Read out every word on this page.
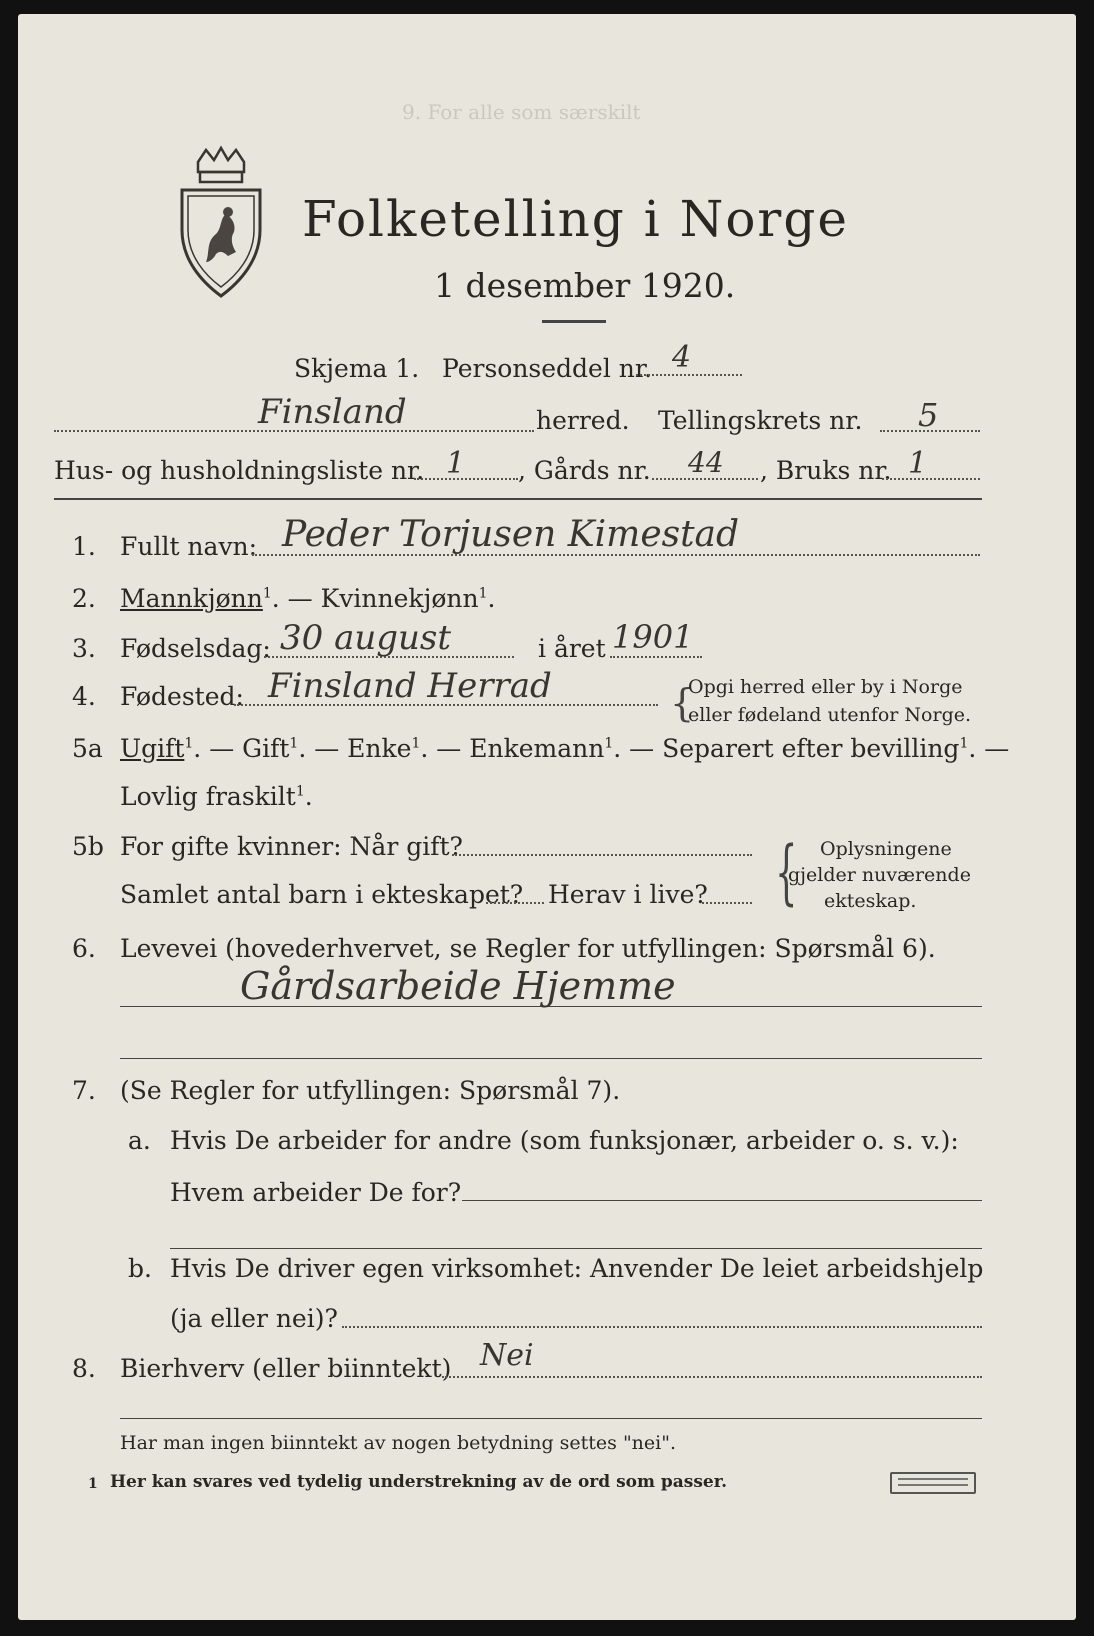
Folketelling i Norge
1 desember 1920.
9. For alle som særskilt
Skjema 1. Personseddel nr. 4
Finsland	herred. Tellingskrets nr. 5
Hus- og husholdningsliste nr. 1 , Gårds nr. 44 , Bruks nr. 1
1. Fullt navn: Peder Torjusen Kimestad
2. Mannkjønn$^1$. — Kvinnekjønn$^1$.
3. Fødselsdag: 30 august	i året 1901
4. Fødested: Finsland Herrad	{
Opgi herred eller by i Norge
eller fødeland utenfor Norge.
5a Ugift$^1$. — Gift$^1$. — Enke$^1$. — Enkemann$^1$. — Separert efter bevilling$^1$. —
Lovlig fraskilt$^1$.
5b For gifte kvinner: Når gift?
Samlet antal barn i ekteskapet? Herav i live? { Oplysningene
gjelder nuværende
ekteskap.
6. Levevei (hovederhvervet, se Regler for utfyllingen: Spørsmål 6).
Gårdsarbeide Hjemme
7. (Se Regler for utfyllingen: Spørsmål 7).
a. Hvis De arbeider for andre (som funksjonær, arbeider o. s. v.):
Hvem arbeider De for?
b. Hvis De driver egen virksomhet: Anvender De leiet arbeidshjelp
(ja eller nei)?
8. Bierhverv (eller biinntekt) Nei
Har man ingen biinntekt av nogen betydning settes "nei".
1 Her kan svares ved tydelig understrekning av de ord som passer.
